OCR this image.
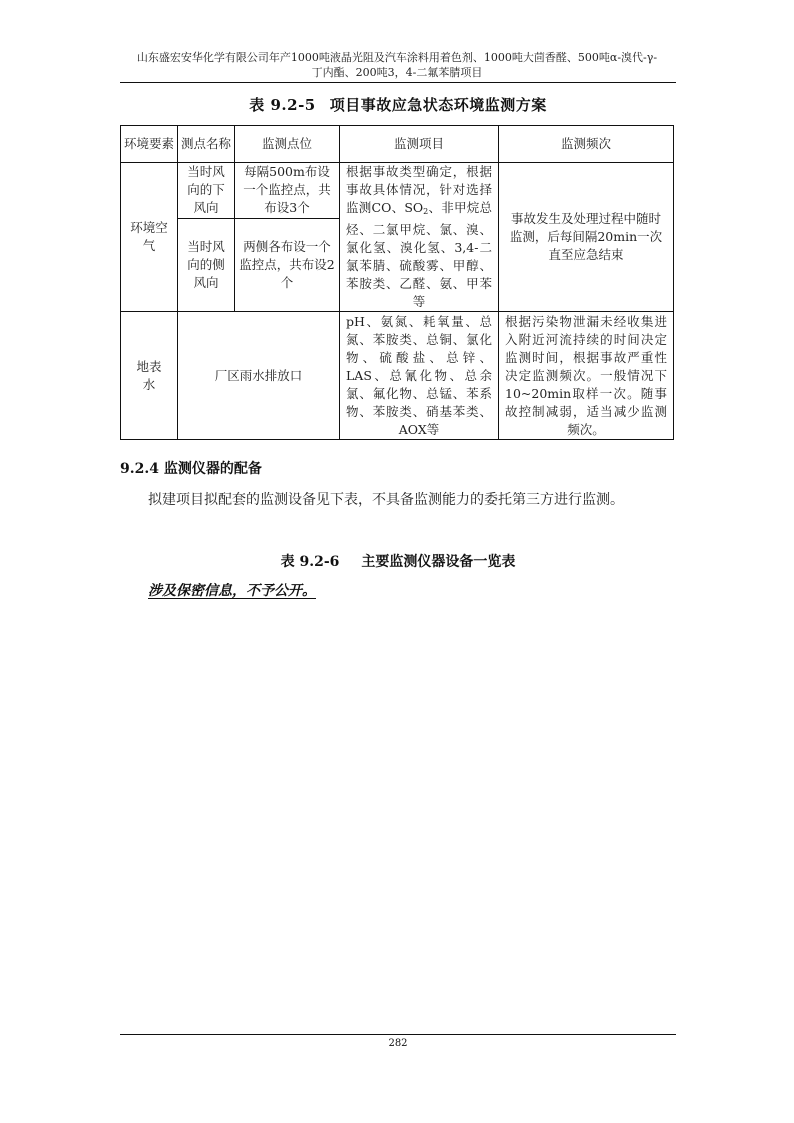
山东盛宏安华化学有限公司年产1000吨液晶光阻及汽车涂料用着色剂、1000吨大茴香醛、500吨α-溴代-γ-
丁内酯、200吨3，4-二氟苯腈项目
表 9.2-5 项目事故应急状态环境监测方案
环境要素	测点名称	监测点位	监测项目	监测频次
环境空气	当时风向的下风向	每隔500m布设一个监控点，共布设3个	根据事故类型确定，根据事故具体情况，针对选择监测CO、$SO_2$、非甲烷总烃、二氯甲烷、氯、溴、氯化氢、溴化氢、3,4-二氯苯腈、硫酸雾、甲醇、苯胺类、乙醛、氨、甲苯等	事故发生及处理过程中随时监测，后每间隔20min一次直至应急结束
	当时风向的侧风向	两侧各布设一个监控点，共布设2个		
地表水	厂区雨水排放口		pH、氨氮、耗氧量、总氮、苯胺类、总铜、氯化物、硫酸盐、总锌、LAS、总氰化物、总余氯、氟化物、总锰、苯系物、苯胺类、硝基苯类、AOX等	根据污染物泄漏未经收集进入附近河流持续的时间决定监测时间，根据事故严重性决定监测频次。一般情况下10~20min取样一次。随事故控制减弱，适当减少监测频次。
9.2.4 监测仪器的配备
拟建项目拟配套的监测设备见下表，不具备监测能力的委托第三方进行监测。
表 9.2-6 主要监测仪器设备一览表
涉及保密信息，不予公开。
282
